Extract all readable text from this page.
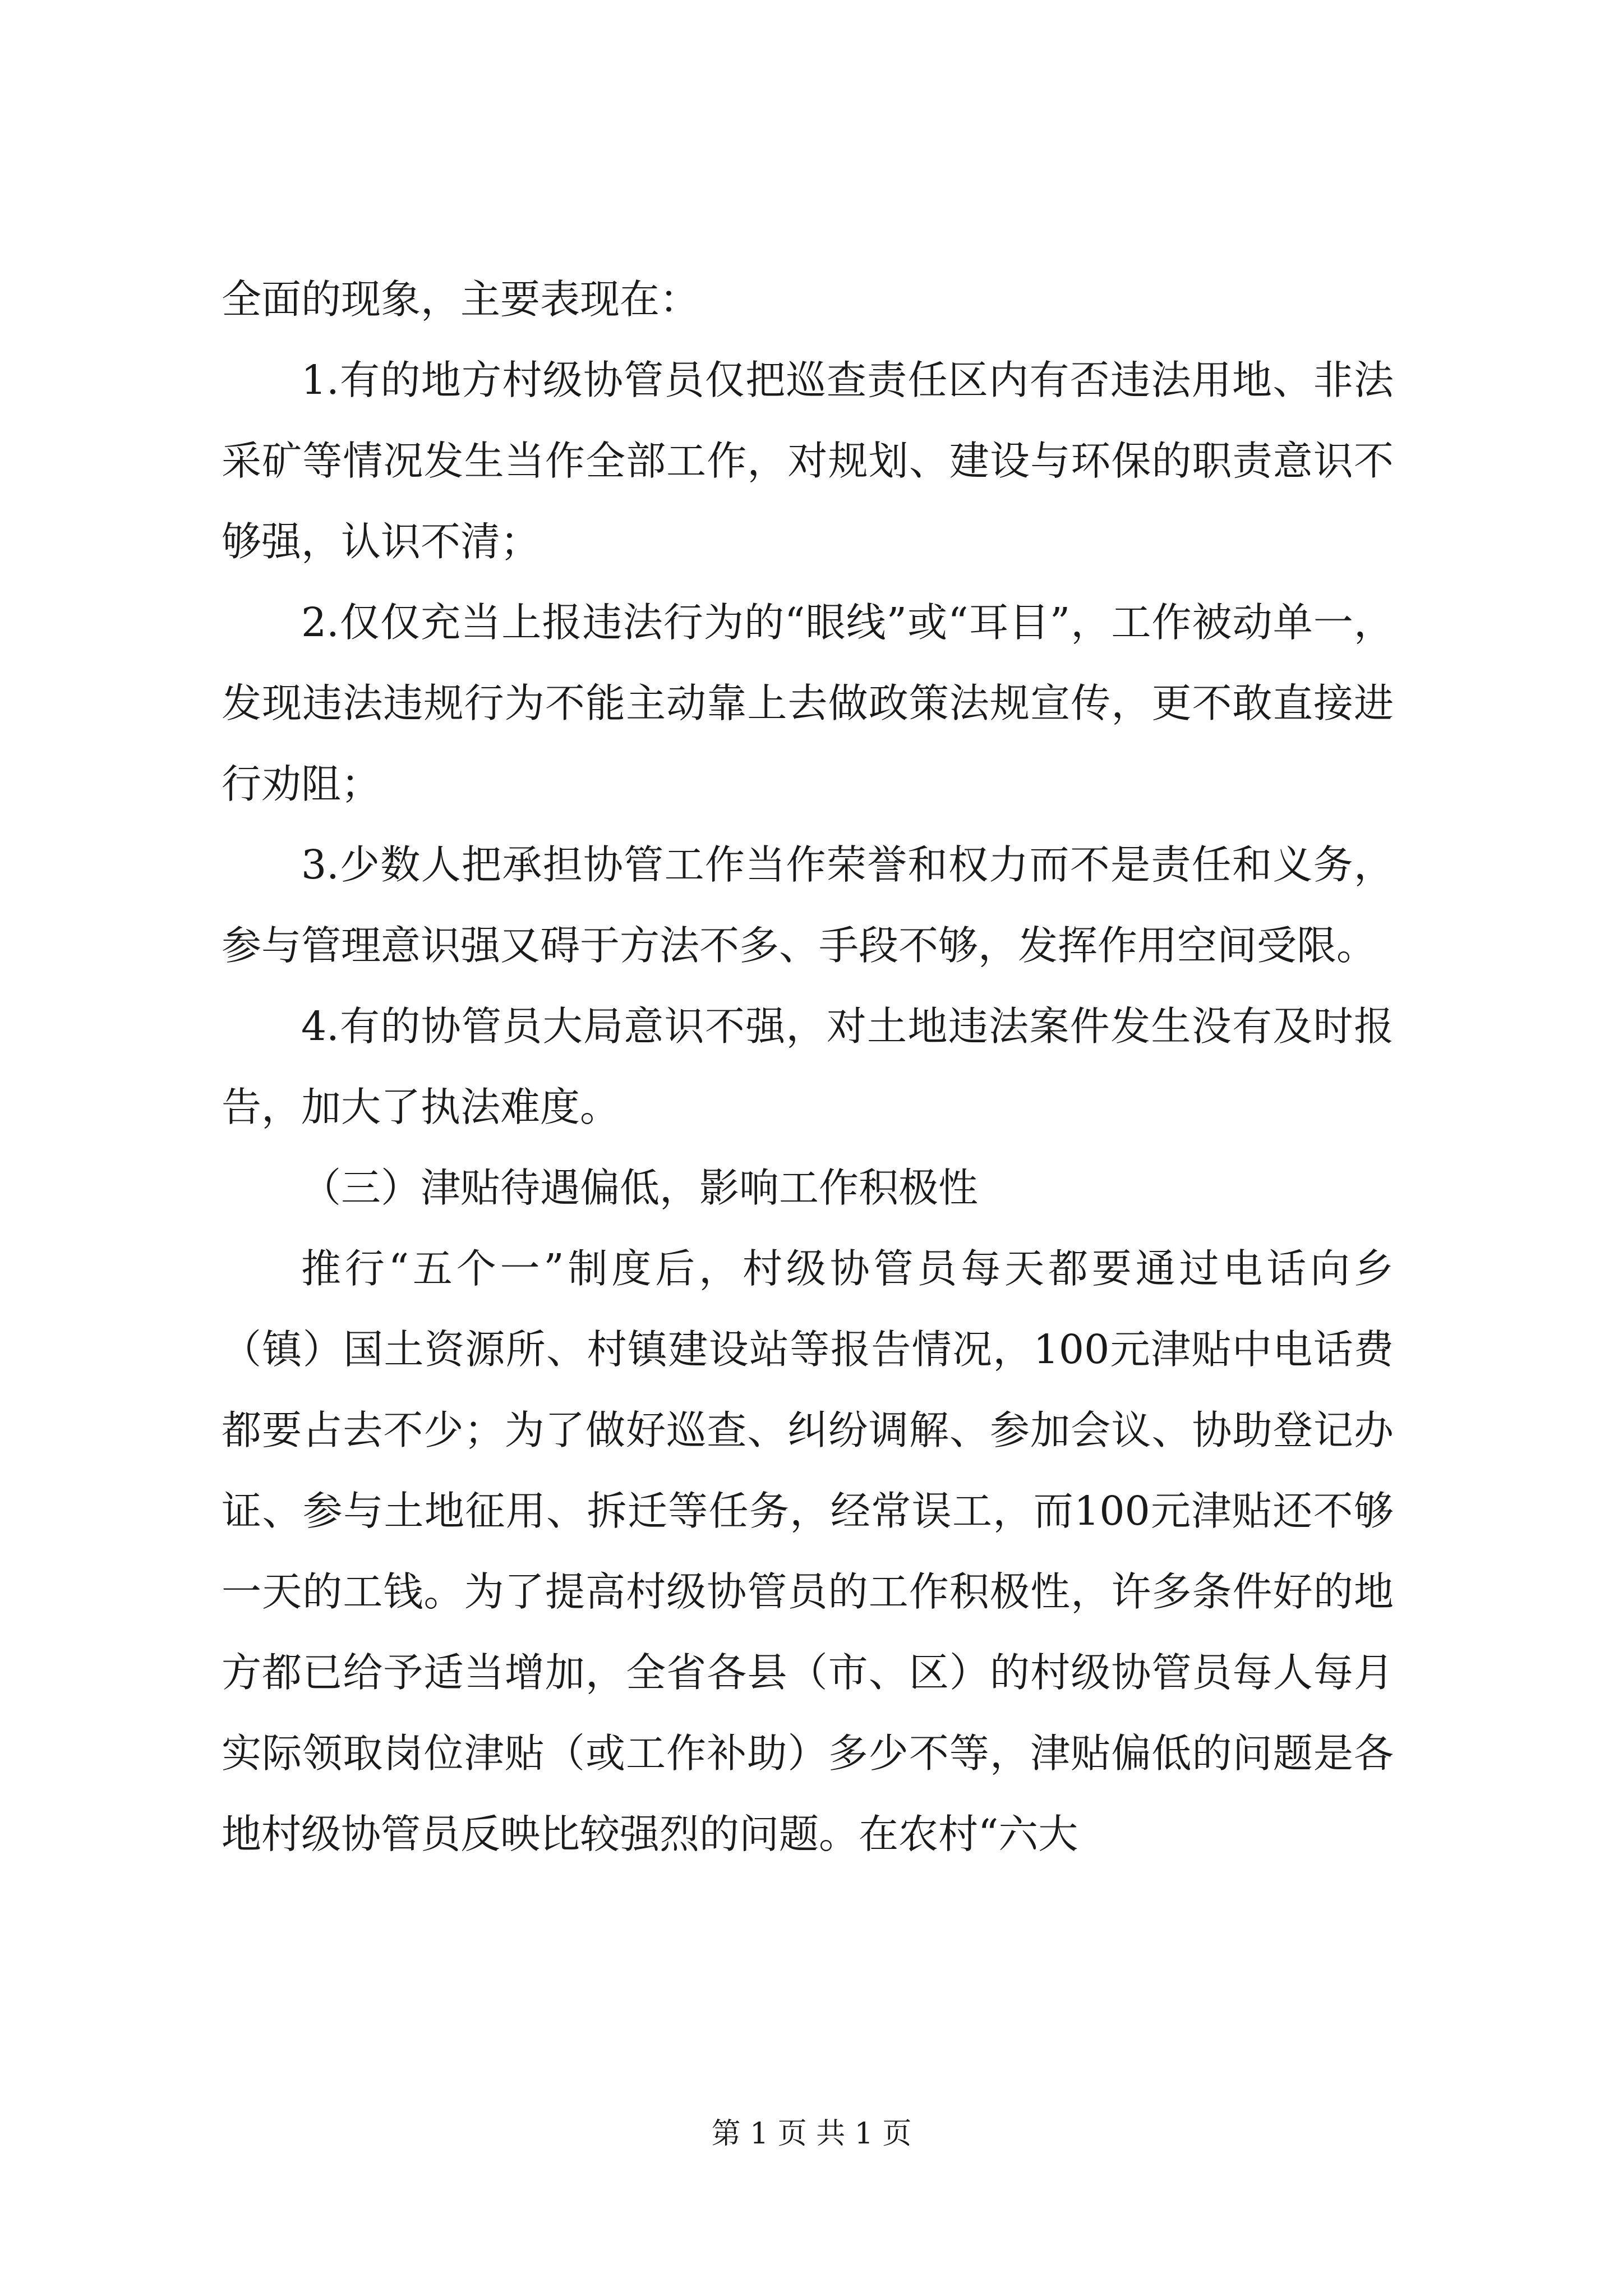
全面的现象，主要表现在：

1.有的地方村级协管员仅把巡查责任区内有否违法用地、非法采矿等情况发生当作全部工作，对规划、建设与环保的职责意识不够强，认识不清；

2.仅仅充当上报违法行为的“眼线”或“耳目”，工作被动单一，发现违法违规行为不能主动靠上去做政策法规宣传，更不敢直接进行劝阻；

3.少数人把承担协管工作当作荣誉和权力而不是责任和义务，参与管理意识强又碍于方法不多、手段不够，发挥作用空间受限。

4.有的协管员大局意识不强，对土地违法案件发生没有及时报告，加大了执法难度。

（三）津贴待遇偏低，影响工作积极性

推行“五个一”制度后，村级协管员每天都要通过电话向乡（镇）国土资源所、村镇建设站等报告情况，100元津贴中电话费都要占去不少；为了做好巡查、纠纷调解、参加会议、协助登记办证、参与土地征用、拆迁等任务，经常误工，而100元津贴还不够一天的工钱。为了提高村级协管员的工作积极性，许多条件好的地方都已给予适当增加，全省各县（市、区）的村级协管员每人每月实际领取岗位津贴（或工作补助）多少不等，津贴偏低的问题是各地村级协管员反映比较强烈的问题。在农村“六大

第 1 页 共 1 页
